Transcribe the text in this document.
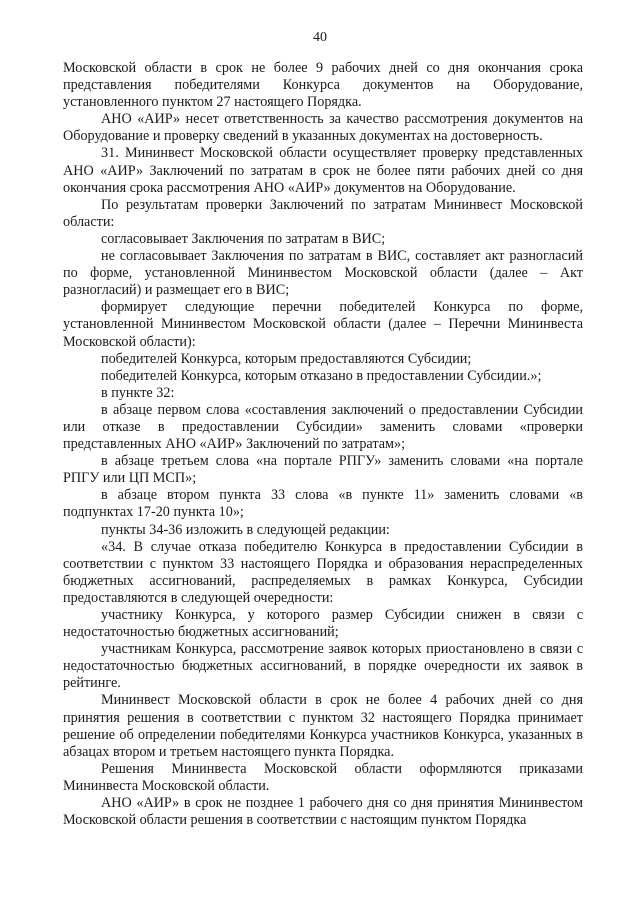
40

Московской области в срок не более 9 рабочих дней со дня окончания срока представления победителями Конкурса документов на Оборудование, установленного пунктом 27 настоящего Порядка.

АНО «АИР» несет ответственность за качество рассмотрения документов на Оборудование и проверку сведений в указанных документах на достоверность.

31. Мининвест Московской области осуществляет проверку представленных АНО «АИР» Заключений по затратам в срок не более пяти рабочих дней со дня окончания срока рассмотрения АНО «АИР» документов на Оборудование.

По результатам проверки Заключений по затратам Мининвест Московской области:

согласовывает Заключения по затратам в ВИС;

не согласовывает Заключения по затратам в ВИС, составляет акт разногласий по форме, установленной Мининвестом Московской области (далее – Акт разногласий) и размещает его в ВИС;

формирует следующие перечни победителей Конкурса по форме, установленной Мининвестом Московской области (далее – Перечни Мининвеста Московской области):

победителей Конкурса, которым предоставляются Субсидии;

победителей Конкурса, которым отказано в предоставлении Субсидии.»;

в пункте 32:

в абзаце первом слова «составления заключений о предоставлении Субсидии или отказе в предоставлении Субсидии» заменить словами «проверки представленных АНО «АИР» Заключений по затратам»;

в абзаце третьем слова «на портале РПГУ» заменить словами «на портале РПГУ или ЦП МСП»;

в абзаце втором пункта 33 слова «в пункте 11» заменить словами «в подпунктах 17-20 пункта 10»;

пункты 34-36 изложить в следующей редакции:

«34. В случае отказа победителю Конкурса в предоставлении Субсидии в соответствии с пунктом 33 настоящего Порядка и образования нераспределенных бюджетных ассигнований, распределяемых в рамках Конкурса, Субсидии предоставляются в следующей очередности:

участнику Конкурса, у которого размер Субсидии снижен в связи с недостаточностью бюджетных ассигнований;

участникам Конкурса, рассмотрение заявок которых приостановлено в связи с недостаточностью бюджетных ассигнований, в порядке очередности их заявок в рейтинге.

Мининвест Московской области в срок не более 4 рабочих дней со дня принятия решения в соответствии с пунктом 32 настоящего Порядка принимает решение об определении победителями Конкурса участников Конкурса, указанных в абзацах втором и третьем настоящего пункта Порядка.

Решения Мининвеста Московской области оформляются приказами Мининвеста Московской области.

АНО «АИР» в срок не позднее 1 рабочего дня со дня принятия Мининвестом Московской области решения в соответствии с настоящим пунктом Порядка
